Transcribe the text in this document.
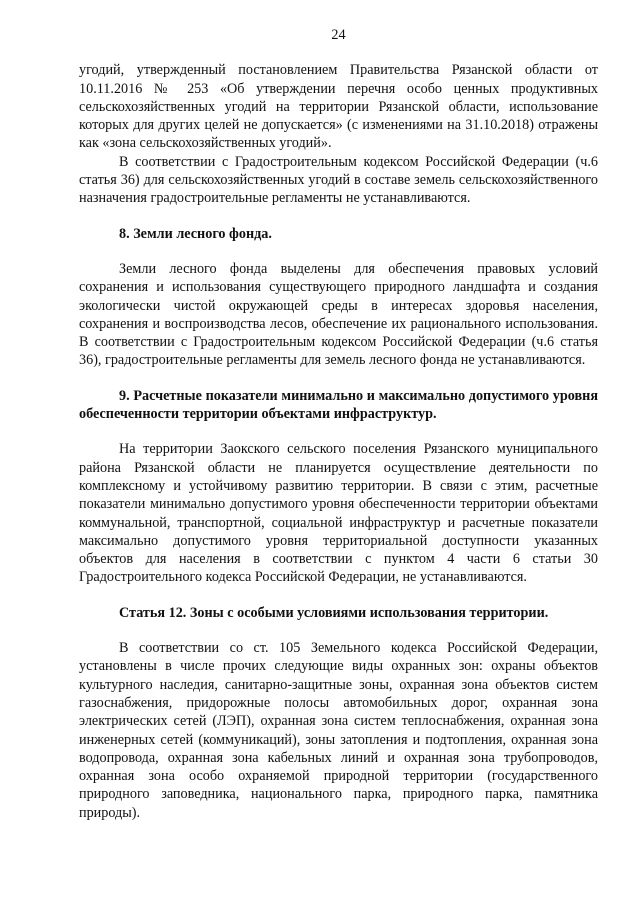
24

угодий, утвержденный постановлением Правительства Рязанской области от 10.11.2016 № 253 «Об утверждении перечня особо ценных продуктивных сельскохозяйственных угодий на территории Рязанской области, использование которых для других целей не допускается» (с изменениями на 31.10.2018) отражены как «зона сельскохозяйственных угодий».

В соответствии с Градостроительным кодексом Российской Федерации (ч.6 статья 36) для сельскохозяйственных угодий в составе земель сельскохозяйственного назначения градостроительные регламенты не устанавливаются.

8. Земли лесного фонда.

Земли лесного фонда выделены для обеспечения правовых условий сохранения и использования существующего природного ландшафта и создания экологически чистой окружающей среды в интересах здоровья населения, сохранения и воспроизводства лесов, обеспечение их рационального использования. В соответствии с Градостроительным кодексом Российской Федерации (ч.6 статья 36), градостроительные регламенты для земель лесного фонда не устанавливаются.

9. Расчетные показатели минимально и максимально допустимого уровня обеспеченности территории объектами инфраструктур.

На территории Заокского сельского поселения Рязанского муниципального района Рязанской области не планируется осуществление деятельности по комплексному и устойчивому развитию территории. В связи с этим, расчетные показатели минимально допустимого уровня обеспеченности территории объектами коммунальной, транспортной, социальной инфраструктур и расчетные показатели максимально допустимого уровня территориальной доступности указанных объектов для населения в соответствии с пунктом 4 части 6 статьи 30 Градостроительного кодекса Российской Федерации, не устанавливаются.

Статья 12. Зоны с особыми условиями использования территории.

В соответствии со ст. 105 Земельного кодекса Российской Федерации, установлены в числе прочих следующие виды охранных зон: охраны объектов культурного наследия, санитарно-защитные зоны, охранная зона объектов систем газоснабжения, придорожные полосы автомобильных дорог, охранная зона электрических сетей (ЛЭП), охранная зона систем теплоснабжения, охранная зона инженерных сетей (коммуникаций), зоны затопления и подтопления, охранная зона водопровода, охранная зона кабельных линий и охранная зона трубопроводов, охранная зона особо охраняемой природной территории (государственного природного заповедника, национального парка, природного парка, памятника природы).
